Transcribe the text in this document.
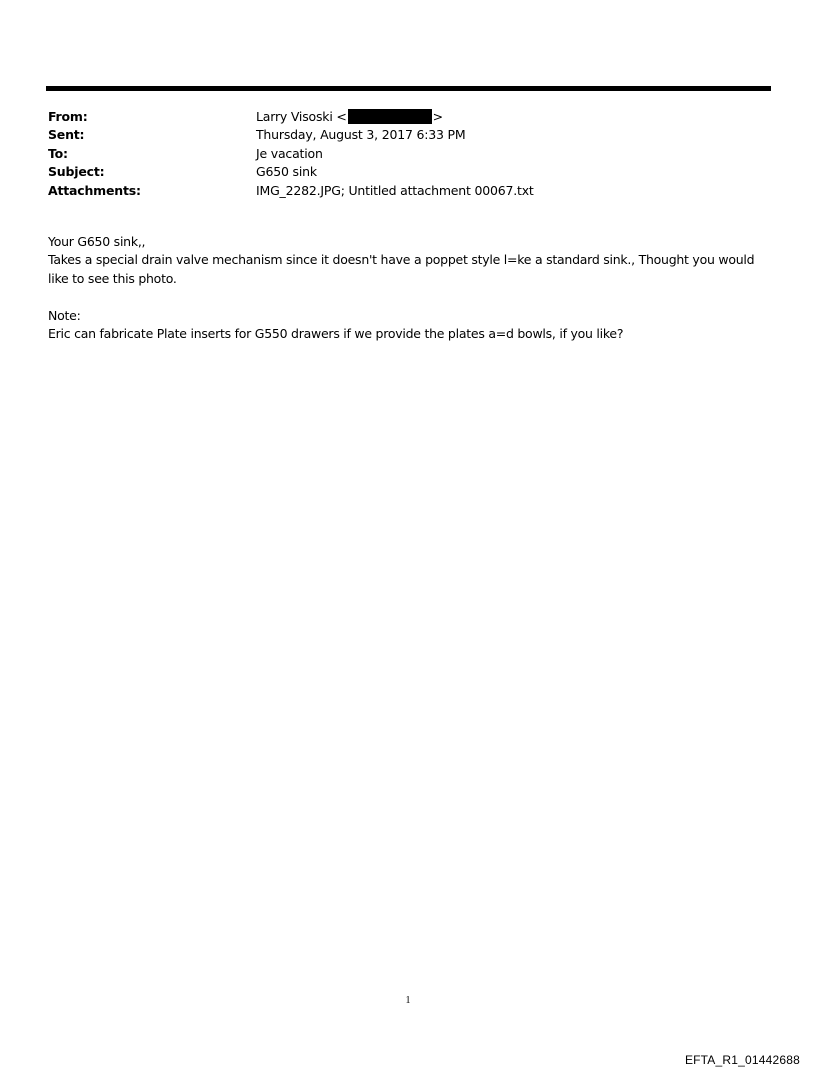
From:	Larry Visoski <	>
Sent:	Thursday, August 3, 2017 6:33 PM
To:	Je vacation
Subject:	G650 sink
Attachments:	IMG_2282.JPG; Untitled attachment 00067.txt

Your G650 sink,,

Takes a special drain valve mechanism since it doesn't have a poppet style l=ke a standard sink., Thought you would like to see this photo.

Note:

Eric can fabricate Plate inserts for G550 drawers if we provide the plates a=d bowls, if you like?

1
EFTA_R1_01442688
